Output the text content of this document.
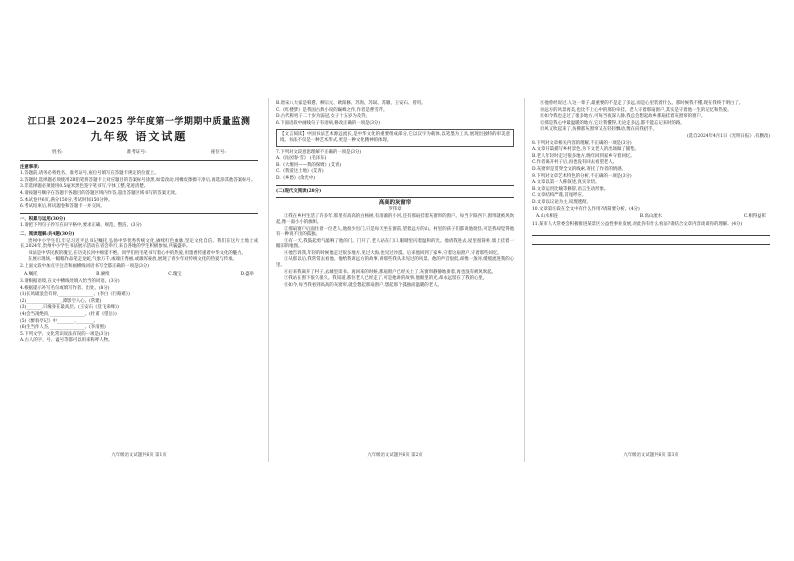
江口县 2024—2025 学年度第一学期期中质量监测
九年级 语文试题
姓名:	准考证号:	座位号:
注意事项:
1.答题前,请务必将姓名、准考证号,座位号填写在答题卡规定的位置上。
2.答题时,选择题必须使用2B铅笔将答题卡上对应题目的答案标号涂黑,如需改动,用橡皮擦擦干净后,再选涂其他答案标号。
3.非选择题必须使用0.5毫米黑色签字笔书写,字体工整,笔迹清楚。
4.请按题号顺序在答题卡各题目的答题区域内作答,超出答题区域书写的答案无效。
5.本试卷共6页,满分150分,考试时间150分钟。
6.考试结束后,将试题卷和答题卡一并交回。
一、积累与运用(30分)
1.请把下列句子抄写在田字格中,要求正确、规范、整洁。(3分)
二、阅读理解:共4题(30分)
贵州中小学生们,牢记习近平总书记嘱托,弘扬中华优秀传统文化,赓续红色血脉,坚定文化自信。我们在这片土地上成长,2024年,贵州中小学生书法展示活动在省会举行,来自各地的学生积极参加,共襄盛举。
书法是中华民族的瑰宝,在历史长河中绵延不绝。同学们用毛笔书写着心中的热爱,用墨香传递着中华文化的魅力。
在展示现场,一幅幅作品笔走龙蛇,气象万千,或端庄秀丽,或雄浑豪放,展现了青少年对传统文化的热爱与传承。
2.上面文段中加点字注音和画横线词语书写全都正确的一项是(3分)
A.嘱托	B.赓续	C.瑰宝	D.盛举
3.请根据语境,在文中横线处填入恰当的词语。(3分)
4.根据提示补写名句或填写作者、出处。(8分)
(1)长风破浪会有时,________________。(李白《行路难》)
(2)________________,潭影空人心。(常建)
(3)_______,只缘身在最高层。(王安石《登飞来峰》)
(4)会当凌绝顶,________________。(杜甫《望岳》)
(5)《醉翁亭记》中________,________。
(6)生当作人杰,________________。(李清照)
5.下列文学、文化常识说法有误的一项是(3分)
A.古人的字、号、谥号等都可以用来称呼人物。
B.唐宋八大家是韩愈、柳宗元、欧阳修、苏洵、苏轼、苏辙、王安石、曾巩。
C.《红楼梦》是我国古典小说的巅峰之作,作者是曹雪芹。
D.古代称男子二十岁为弱冠,女子十五岁为及笄。
6.下面语段中画线句子有语病,修改正确的一项是(3分)
【文言阅读】中国书法艺术源远流长,是中华文化的重要组成部分,它以汉字为载体,以笔墨为工具,展现出独特的审美意境。书法不仅是一种艺术形式,更是一种文化精神的体现。
7.下列对文段意思理解不正确的一项是(3分)
A.《沁园春·雪》 (毛泽东)
B.《大堰河——我的保姆》(艾青)
C.《我爱这土地》(艾青)
D.《乡愁》(余光中)
(二)现代文阅读(28分)
高高的灰窗帘
罗伟章
①我在乡村生活了许多年,那里有高高的白杨树,有清澈的小河,还有那扇挂着灰窗帘的窗户。每当夕阳西下,窗帘就被风吹起,像一面小小的旗帜。
②那扇窗户后面住着一位老人,他很少出门,只是每天坐在窗前,望着远方的山。村里的孩子们都说他很怪,可是我却觉得他有一种说不出的孤独。
③有一天,我鼓起勇气敲响了他的门。门开了,老人站在门口,眼睛里闪着温和的光。他请我进去,屋里很简朴,墙上挂着一幅旧的地图。
④他告诉我,年轻的时候他走过很多地方,见过大海,也见过沙漠。后来他回到了家乡,守着这扇窗户,守着那些回忆。
⑤从那以后,我常常去看他。他给我讲远方的故事,讲那些我从未见过的风景。他的声音很低,却像一条河,缓缓流进我的心里。
⑥后来我离开了村子,去城里读书。再回来的时候,那扇窗户已经关上了,灰窗帘静静地垂着,再也没有被风吹起。
⑦我站在窗下很久很久。我知道,那位老人已经走了,可是他讲的故事,他眼里的光,却永远留在了我的心里。
⑧如今,每当我看到高高的灰窗帘,就会想起那扇窗户,想起那个孤独而温暖的老人。
⑨他曾经说过,人这一辈子,最重要的不是走了多远,而是心里装着什么。那时候我不懂,现在我终于明白了。
⑩远方的风景再美,也比不上心中的那份牵挂。老人守着那扇窗户,其实是守着他一生的记忆和热爱。
⑪如今我也走过了很多地方,可每当夜深人静,我总会想起故乡那扇挂着灰窗帘的窗户。
⑫那是我心中最温暖的地方,它让我懂得,无论走多远,都不能忘记来时的路。
⑬风又吹起来了,仿佛那灰窗帘又在轻轻飘动,像在向我招手。
(选自2024年4月1日《光明日报》,有删改)
8.下列对文章相关内容的理解,不正确的一项是(3分)
A.文章开篇描写乡村景色,为下文老人的出场做了铺垫。
B.老人年轻时走过很多地方,晚年回到家乡守着回忆。
C.作者离开村子后,再也没有回去看望老人。
D.灰窗帘是贯穿全文的线索,寄托了作者的情感。
9.下列对文章艺术特色的分析,不正确的一项是(3分)
A.文章以第一人称叙述,真实亲切。
B.文章运用比喻等修辞,语言生动形象。
C.文章结构严谨,首尾呼应。
D.文章以议论为主,说理透彻。
10.文章第⑧段在全文中有什么作用?请简要分析。(4分)
A.山水相连	B.高山流水	C.相得益彰
11.某市人大常委会积极推进某景区公益性事业发展,对此你有什么看法?请结合文章内容谈谈你的理解。(4分)
九年级语文试题共6页 第1页	九年级语文试题共6页 第2页	九年级语文试题共6页 第3页
